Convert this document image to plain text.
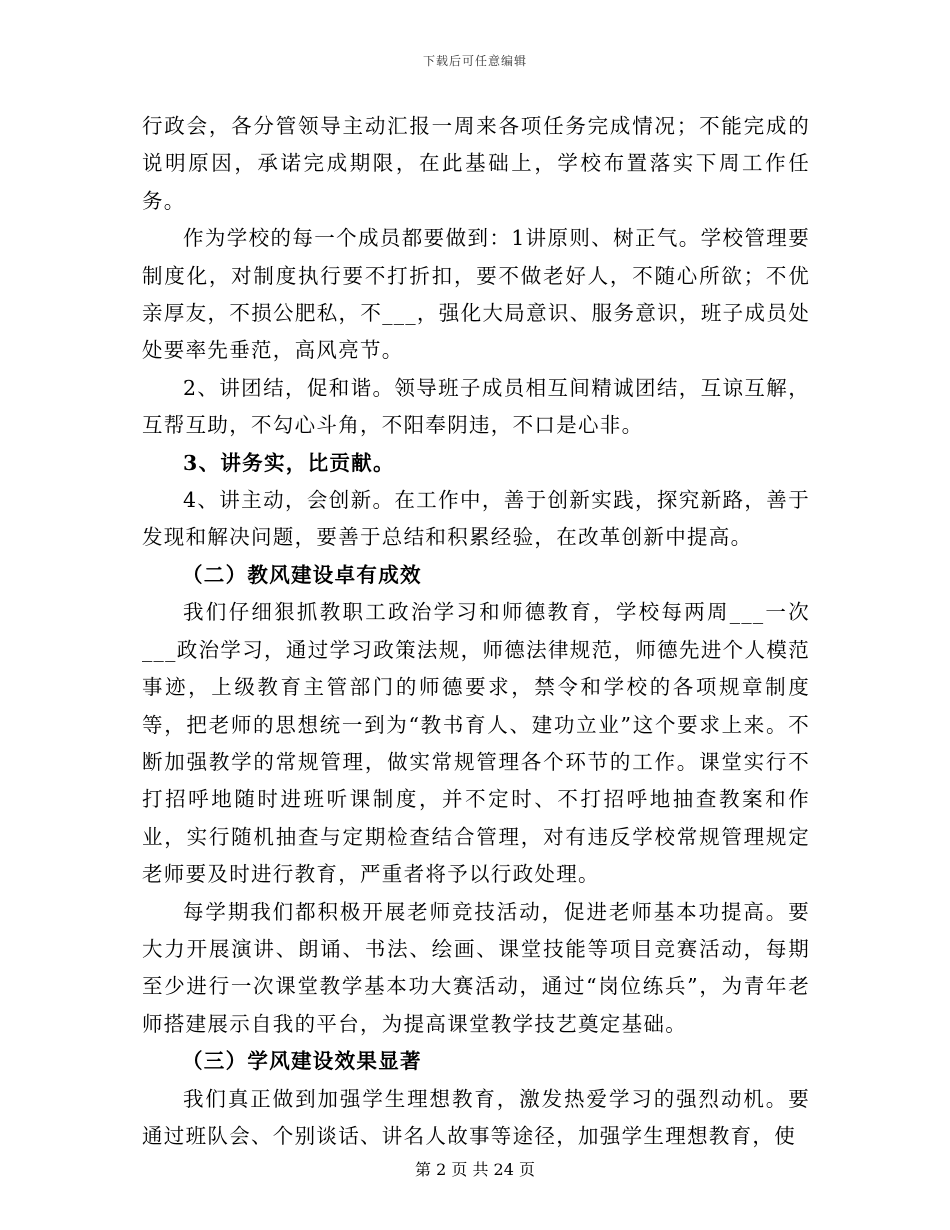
下载后可任意编辑

行政会，各分管领导主动汇报一周来各项任务完成情况；不能完成的说明原因，承诺完成期限，在此基础上，学校布置落实下周工作任务。

作为学校的每一个成员都要做到：1讲原则、树正气。学校管理要制度化，对制度执行要不打折扣，要不做老好人，不随心所欲；不优亲厚友，不损公肥私，不___，强化大局意识、服务意识，班子成员处处要率先垂范，高风亮节。

2、讲团结，促和谐。领导班子成员相互间精诚团结，互谅互解，互帮互助，不勾心斗角，不阳奉阴违，不口是心非。

3、讲务实，比贡献。

4、讲主动，会创新。在工作中，善于创新实践，探究新路，善于发现和解决问题，要善于总结和积累经验，在改革创新中提高。

（二）教风建设卓有成效

我们仔细狠抓教职工政治学习和师德教育，学校每两周___一次___政治学习，通过学习政策法规，师德法律规范，师德先进个人模范事迹，上级教育主管部门的师德要求，禁令和学校的各项规章制度等，把老师的思想统一到为“教书育人、建功立业”这个要求上来。不断加强教学的常规管理，做实常规管理各个环节的工作。课堂实行不打招呼地随时进班听课制度，并不定时、不打招呼地抽查教案和作业，实行随机抽查与定期检查结合管理，对有违反学校常规管理规定老师要及时进行教育，严重者将予以行政处理。

每学期我们都积极开展老师竞技活动，促进老师基本功提高。要大力开展演讲、朗诵、书法、绘画、课堂技能等项目竞赛活动，每期至少进行一次课堂教学基本功大赛活动，通过“岗位练兵”，为青年老师搭建展示自我的平台，为提高课堂教学技艺奠定基础。

（三）学风建设效果显著

我们真正做到加强学生理想教育，激发热爱学习的强烈动机。要通过班队会、个别谈话、讲名人故事等途径，加强学生理想教育，使

第 2 页 共 24 页
